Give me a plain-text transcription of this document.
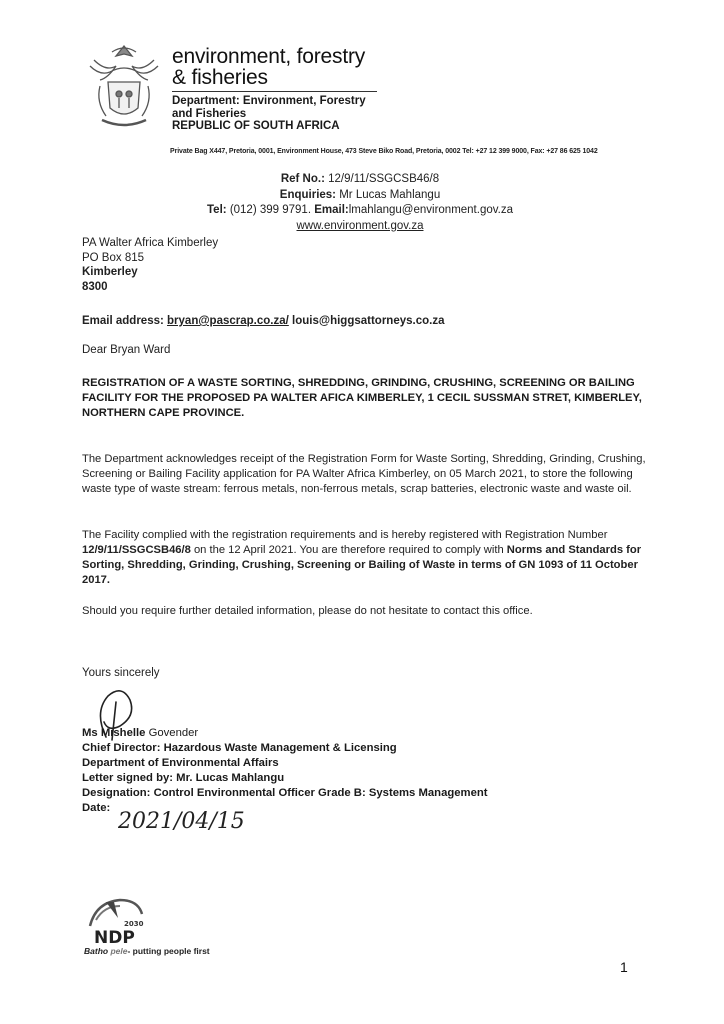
environment, forestry
& fisheries
Department: Environment, Forestry
and Fisheries
REPUBLIC OF SOUTH AFRICA
Private Bag X447, Pretoria, 0001, Environment House, 473 Steve Biko Road, Pretoria, 0002 Tel: +27 12 399 9000, Fax: +27 86 625 1042
Ref No.: 12/9/11/SSGCSB46/8
Enquiries: Mr Lucas Mahlangu
Tel: (012) 399 9791. Email:lmahlangu@environment.gov.za
www.environment.gov.za
PA Walter Africa Kimberley
PO Box 815
Kimberley
8300
Email address: bryan@pascrap.co.za/ louis@higgsattorneys.co.za
Dear Bryan Ward
REGISTRATION OF A WASTE SORTING, SHREDDING, GRINDING, CRUSHING, SCREENING OR BAILING FACILITY FOR THE PROPOSED PA WALTER AFICA KIMBERLEY, 1 CECIL SUSSMAN STRET, KIMBERLEY, NORTHERN CAPE PROVINCE.
The Department acknowledges receipt of the Registration Form for Waste Sorting, Shredding, Grinding, Crushing, Screening or Bailing Facility application for PA Walter Africa Kimberley, on 05 March 2021, to store the following waste type of waste stream: ferrous metals, non-ferrous metals, scrap batteries, electronic waste and waste oil.
The Facility complied with the registration requirements and is hereby registered with Registration Number 12/9/11/SSGCSB46/8 on the 12 April 2021. You are therefore required to comply with Norms and Standards for Sorting, Shredding, Grinding, Crushing, Screening or Bailing of Waste in terms of GN 1093 of 11 October 2017.
Should you require further detailed information, please do not hesitate to contact this office.
Yours sincerely
Ms Mishelle Govender
Chief Director: Hazardous Waste Management & Licensing
Department of Environmental Affairs
Letter signed by: Mr. Lucas Mahlangu
Designation: Control Environmental Officer Grade B: Systems Management
Date:
2021/04/15
2030
NDP
Batho pele- putting people first
1
